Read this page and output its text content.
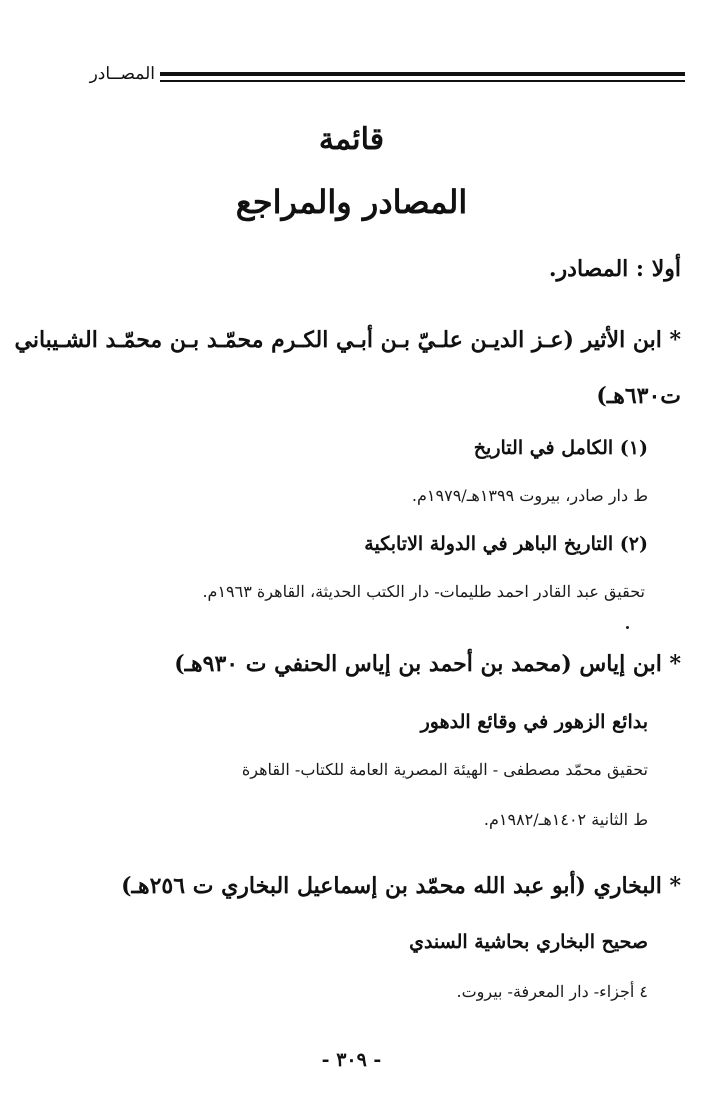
المصــادر
قائمة
المصادر والمراجع
أولا : المصادر.
* ابن الأثير (عـز الديـن علـيّ بـن أبـي الكـرم محمّـد بـن محمّـد الشـيباني
ت٦٣٠هـ)
(١) الكامل في التاريخ
ط دار صادر، بيروت ١٣٩٩هـ/١٩٧٩م.
(٢) التاريخ الباهر في الدولة الاتابكية
تحقيق عبد القادر احمد طليمات- دار الكتب الحديثة، القاهرة ١٩٦٣م.
* ابن إياس (محمد بن أحمد بن إياس الحنفي ت ٩٣٠هـ)
بدائع الزهور في وقائع الدهور
تحقيق محمّد مصطفى - الهيئة المصرية العامة للكتاب- القاهرة
ط الثانية ١٤٠٢هـ/١٩٨٢م.
* البخاري (أبو عبد الله محمّد بن إسماعيل البخاري ت ٢٥٦هـ)
صحيح البخاري بحاشية السندي
٤ أجزاء- دار المعرفة- بيروت.
- ٣٠٩ -
